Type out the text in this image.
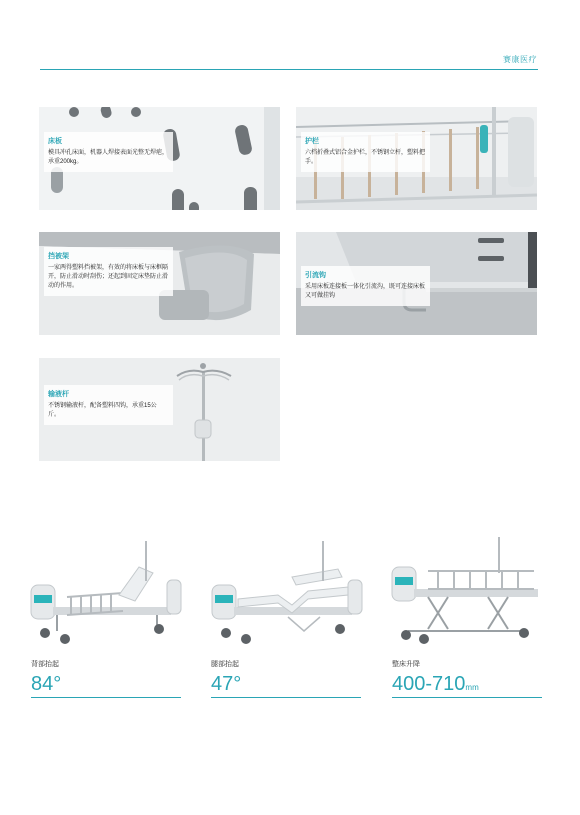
赛康医疗
床板
模具冲孔床面，机器人焊接表面光整无焊疤，承重200kg。
护栏
六档折叠式铝合金护栏，不锈钢立杆，塑料把手。
挡被架
一家两得塑料挡被架，有效的将床板与床框隔开，防止滑动时刮伤；还起到固定床垫防止滑动的作用。
引流钩
采用床板连接板一体化引流沟，既可连接床板又可做挂钩
输液杆
不锈钢输液杆，配备塑料四钩，承重15公斤。
背部抬起
84°
腿部抬起
47°
整床升降
400-710mm
